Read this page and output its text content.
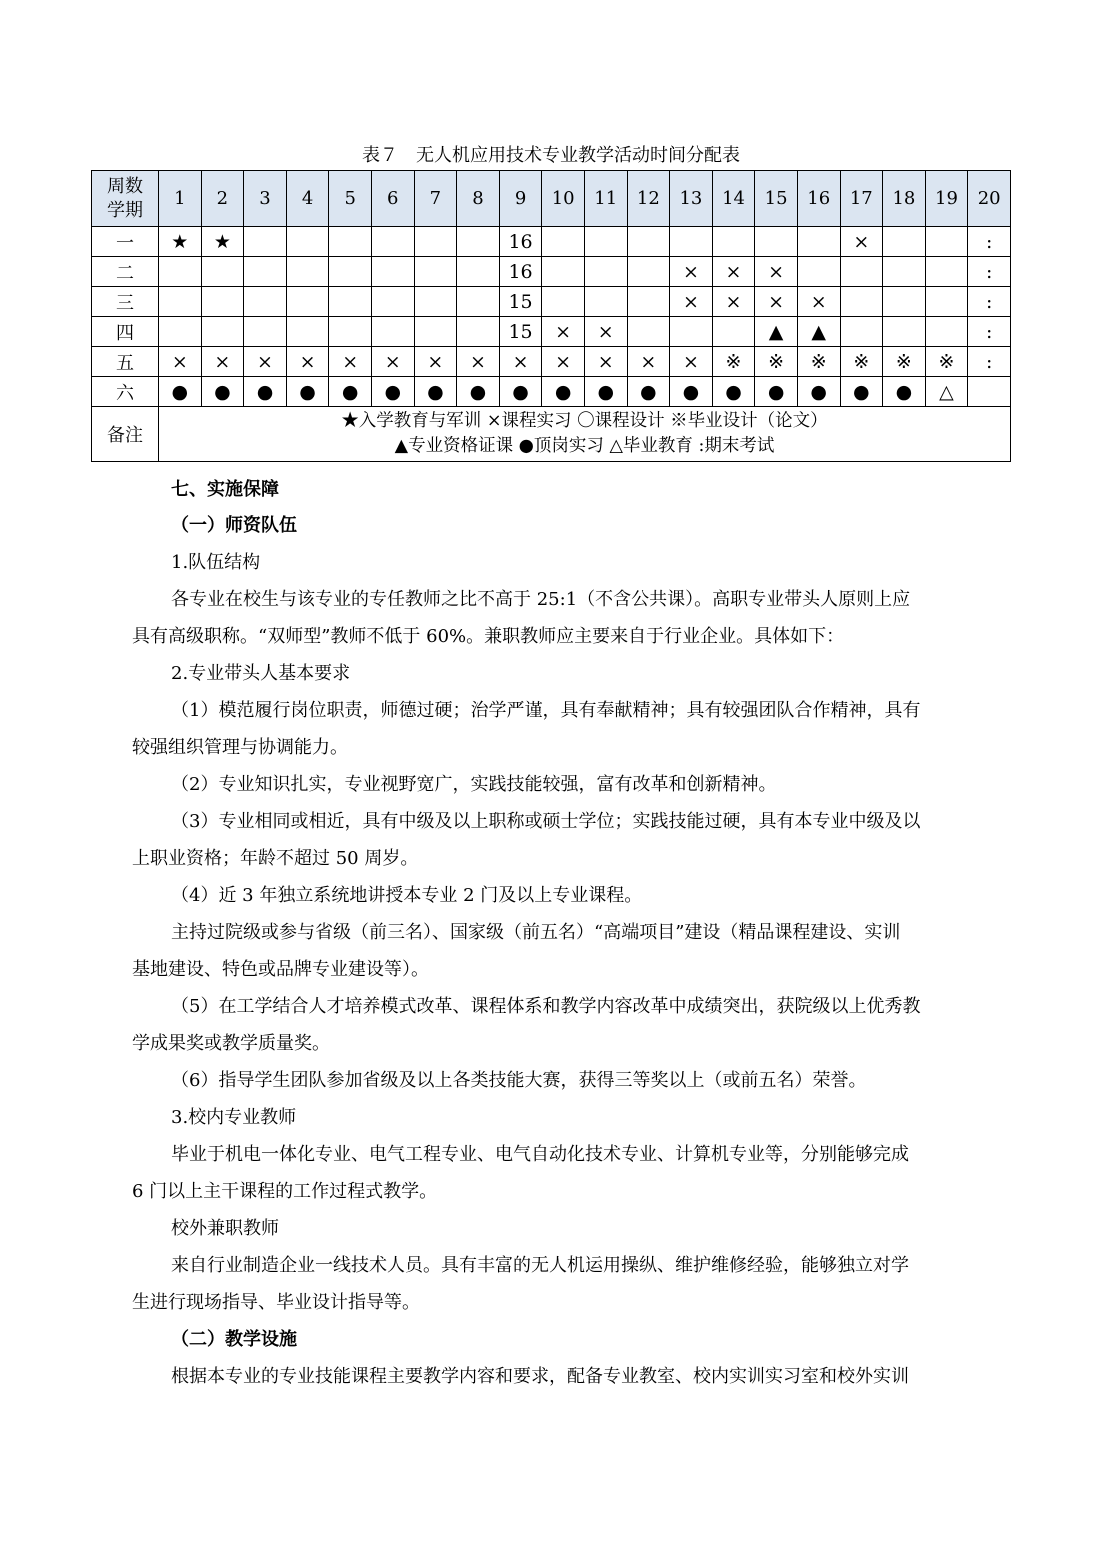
表７　无人机应用技术专业教学活动时间分配表
周数
学期	1	2	3	4	5	6	7	8	9	10	11	12	13	14	15	16	17	18	19	20
一	★	★							16								×			:
二									16				×	×	×					:
三									15				×	×	×	×				:
四									15	×	×				▲	▲				:
五	×	×	×	×	×	×	×	×	×	×	×	×	×	※	※	※	※	※	※	:
六	●	●	●	●	●	●	●	●	●	●	●	●	●	●	●	●	●	●	△	
备注	★入学教育与军训 ×课程实习 〇课程设计 ※毕业设计（论文）
▲专业资格证课 ●顶岗实习 △毕业教育 :期末考试																			
七、实施保障
（一）师资队伍
1.队伍结构
各专业在校生与该专业的专任教师之比不高于 25:1（不含公共课）。高职专业带头人原则上应
具有高级职称。“双师型”教师不低于 60%。兼职教师应主要来自于行业企业。具体如下：
2.专业带头人基本要求
（1）模范履行岗位职责，师德过硬；治学严谨，具有奉献精神；具有较强团队合作精神，具有
较强组织管理与协调能力。
（2）专业知识扎实，专业视野宽广，实践技能较强，富有改革和创新精神。
（3）专业相同或相近，具有中级及以上职称或硕士学位；实践技能过硬，具有本专业中级及以
上职业资格；年龄不超过 50 周岁。
（4）近 3 年独立系统地讲授本专业 2 门及以上专业课程。
主持过院级或参与省级（前三名）、国家级（前五名）“高端项目”建设（精品课程建设、实训
基地建设、特色或品牌专业建设等）。
（5）在工学结合人才培养模式改革、课程体系和教学内容改革中成绩突出，获院级以上优秀教
学成果奖或教学质量奖。
（6）指导学生团队参加省级及以上各类技能大赛，获得三等奖以上（或前五名）荣誉。
3.校内专业教师
毕业于机电一体化专业、电气工程专业、电气自动化技术专业、计算机专业等，分别能够完成
6 门以上主干课程的工作过程式教学。
校外兼职教师
来自行业制造企业一线技术人员。具有丰富的无人机运用操纵、维护维修经验，能够独立对学
生进行现场指导、毕业设计指导等。
（二）教学设施
根据本专业的专业技能课程主要教学内容和要求，配备专业教室、校内实训实习室和校外实训
